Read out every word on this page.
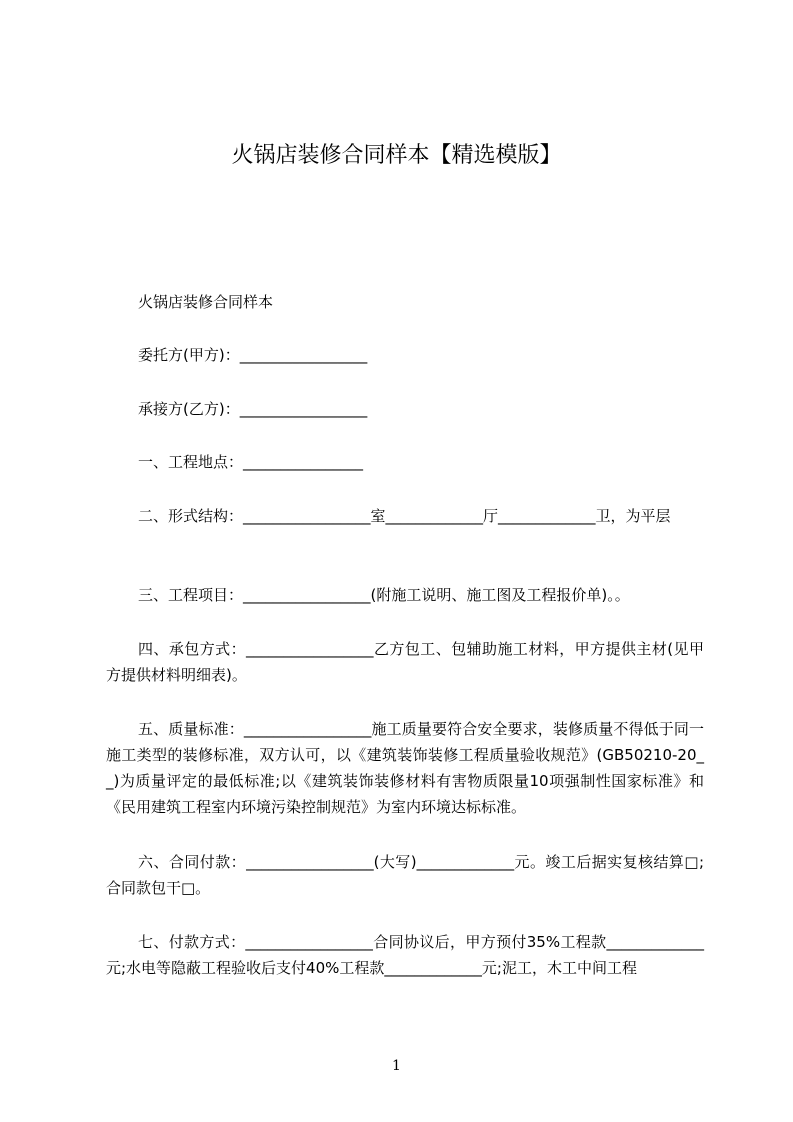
火锅店装修合同样本【精选模版】
火锅店装修合同样本
委托方(甲方)：_________________
承接方(乙方)：_________________
一、工程地点：________________
二、形式结构：_________________室_____________厅_____________卫，为平层
三、工程项目：_________________(附施工说明、施工图及工程报价单)。。
四、承包方式：_________________乙方包工、包辅助施工材料，甲方提供主材(见甲方提供材料明细表)。
五、质量标准：_________________施工质量要符合安全要求，装修质量不得低于同一施工类型的装修标准，双方认可，以《建筑装饰装修工程质量验收规范》(GB50210-20__)为质量评定的最低标准;以《建筑装饰装修材料有害物质限量10项强制性国家标准》和《民用建筑工程室内环境污染控制规范》为室内环境达标标准。
六、合同付款：_________________(大写)_____________元。竣工后据实复核结算□;合同款包干□。
七、付款方式：_________________合同协议后，甲方预付35%工程款_____________元;水电等隐蔽工程验收后支付40%工程款_____________元;泥工，木工中间工程
1
